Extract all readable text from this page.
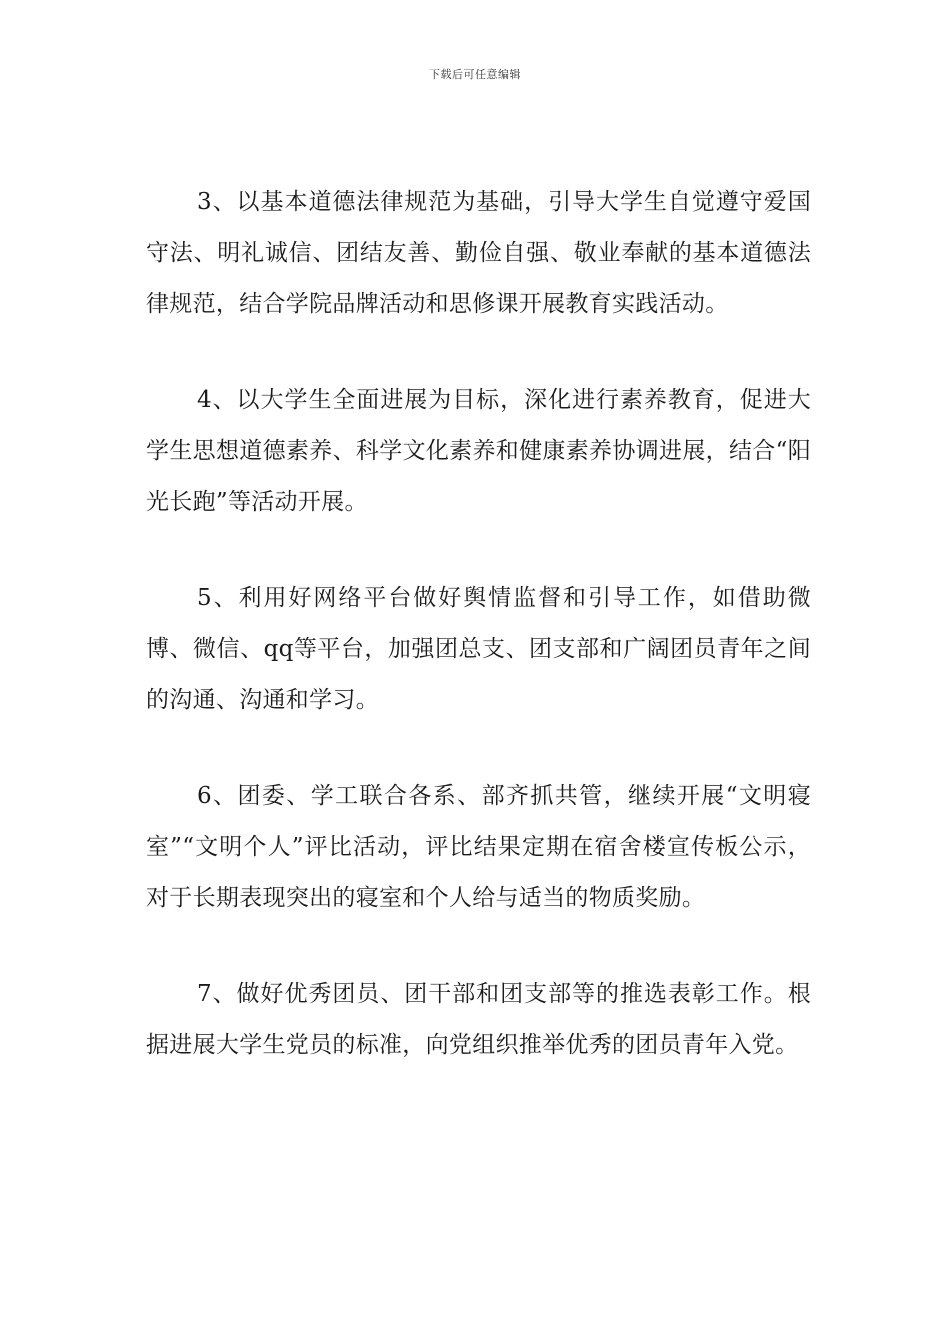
下载后可任意编辑

3、以基本道德法律规范为基础，引导大学生自觉遵守爱国守法、明礼诚信、团结友善、勤俭自强、敬业奉献的基本道德法律规范，结合学院品牌活动和思修课开展教育实践活动。

4、以大学生全面进展为目标，深化进行素养教育，促进大学生思想道德素养、科学文化素养和健康素养协调进展，结合“阳光长跑”等活动开展。

5、利用好网络平台做好舆情监督和引导工作，如借助微博、微信、qq等平台，加强团总支、团支部和广阔团员青年之间的沟通、沟通和学习。

6、团委、学工联合各系、部齐抓共管，继续开展“文明寝室”“文明个人”评比活动，评比结果定期在宿舍楼宣传板公示，对于长期表现突出的寝室和个人给与适当的物质奖励。

7、做好优秀团员、团干部和团支部等的推选表彰工作。根据进展大学生党员的标准，向党组织推举优秀的团员青年入党。
